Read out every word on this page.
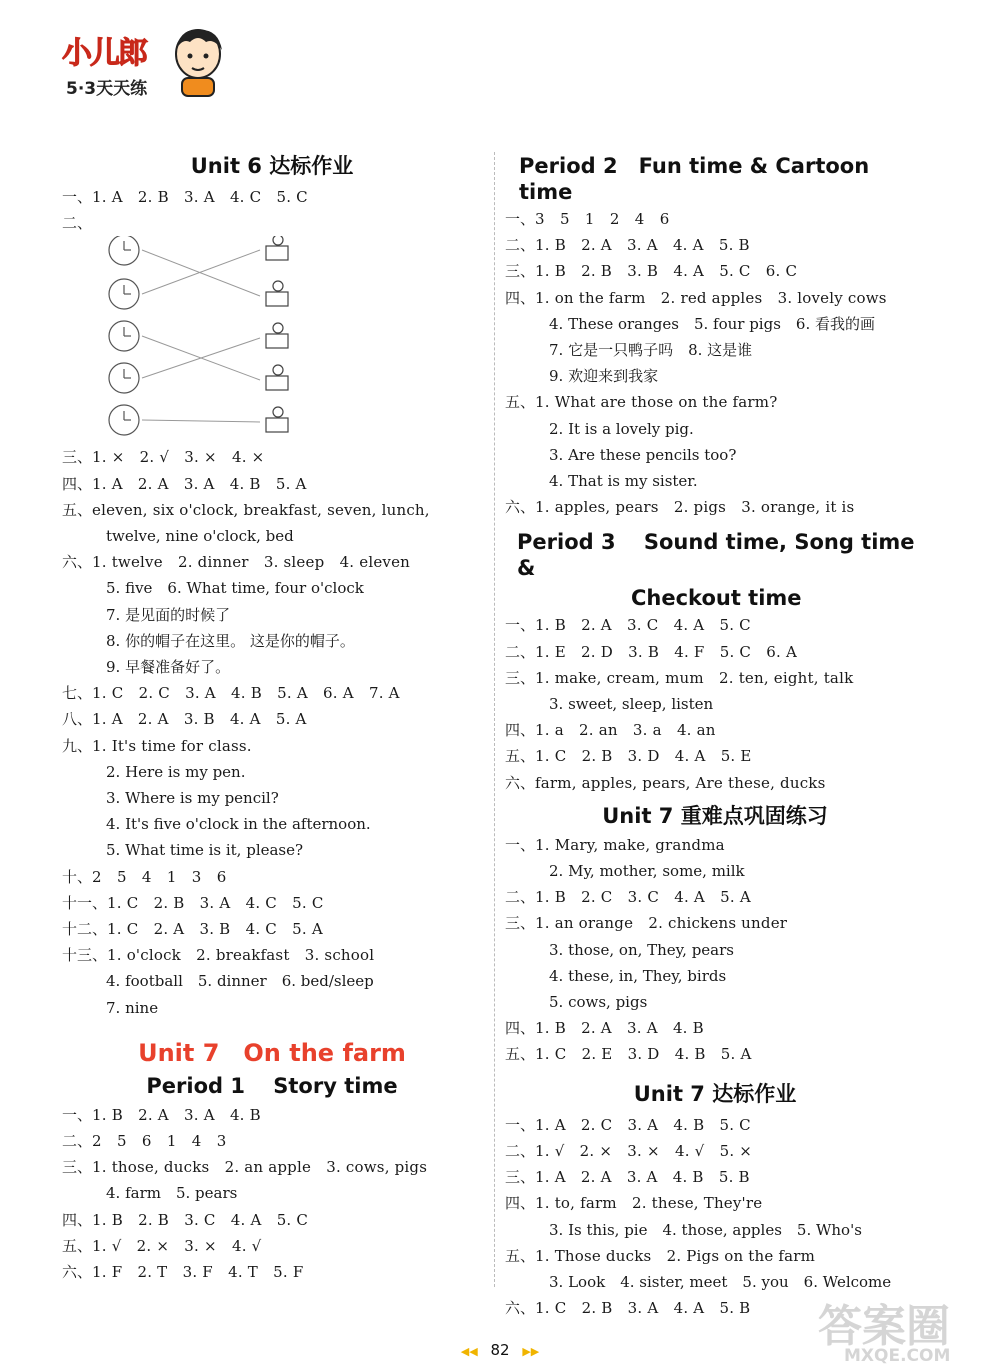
小儿郎
5·3天天练
Unit 6 达标作业
一、 1. A　2. B　3. A　4. C　5. C
二、
三、 1. ×　2. √　3. ×　4. ×
四、 1. A　2. A　3. A　4. B　5. A
五、 eleven, six o'clock, breakfast, seven, lunch,
twelve, nine o'clock, bed
六、 1. twelve　2. dinner　3. sleep　4. eleven
5. five　6. What time, four o'clock
7. 是见面的时候了
8. 你的帽子在这里。 这是你的帽子。
9. 早餐准备好了。
七、 1. C　2. C　3. A　4. B　5. A　6. A　7. A
八、 1. A　2. A　3. B　4. A　5. A
九、 1. It's time for class.
2. Here is my pen.
3. Where is my pencil?
4. It's five o'clock in the afternoon.
5. What time is it, please?
十、 2　5　4　1　3　6
十一、 1. C　2. B　3. A　4. C　5. C
十二、 1. C　2. A　3. B　4. C　5. A
十三、 1. o'clock　2. breakfast　3. school
4. football　5. dinner　6. bed/sleep
7. nine
Unit 7　On the farm
Period 1　 Story time
一、 1. B　2. A　3. A　4. B
二、 2　5　6　1　4　3
三、 1. those, ducks　2. an apple　3. cows, pigs
4. farm　5. pears
四、 1. B　2. B　3. C　4. A　5. C
五、 1. √　2. ×　3. ×　4. √
六、 1. F　2. T　3. F　4. T　5. F
Period 2　Fun time & Cartoon time
一、 3　5　1　2　4　6
二、 1. B　2. A　3. A　4. A　5. B
三、 1. B　2. B　3. B　4. A　5. C　6. C
四、 1. on the farm　2. red apples　3. lovely cows
4. These oranges　5. four pigs　6. 看我的画
7. 它是一只鸭子吗　8. 这是谁
9. 欢迎来到我家
五、 1. What are those on the farm?
2. It is a lovely pig.
3. Are these pencils too?
4. That is my sister.
六、 1. apples, pears　2. pigs　3. orange, it is
Period 3　 Sound time, Song time &
Checkout time
一、 1. B　2. A　3. C　4. A　5. C
二、 1. E　2. D　3. B　4. F　5. C　6. A
三、 1. make, cream, mum　2. ten, eight, talk
3. sweet, sleep, listen
四、 1. a　2. an　3. a　4. an
五、 1. C　2. B　3. D　4. A　5. E
六、 farm, apples, pears, Are these, ducks
Unit 7 重难点巩固练习
一、 1. Mary, make, grandma
2. My, mother, some, milk
二、 1. B　2. C　3. C　4. A　5. A
三、 1. an orange　2. chickens under
3. those, on, They, pears
4. these, in, They, birds
5. cows, pigs
四、 1. B　2. A　3. A　4. B
五、 1. C　2. E　3. D　4. B　5. A
Unit 7 达标作业
一、 1. A　2. C　3. A　4. B　5. C
二、 1. √　2. ×　3. ×　4. √　5. ×
三、 1. A　2. A　3. A　4. B　5. B
四、 1. to, farm　2. these, They're
3. Is this, pie　4. those, apples　5. Who's
五、 1. Those ducks　2. Pigs on the farm
3. Look　4. sister, meet　5. you　6. Welcome
六、 1. C　2. B　3. A　4. A　5. B
◀◀ 82 ▶▶	答案圈
MXQE.COM
